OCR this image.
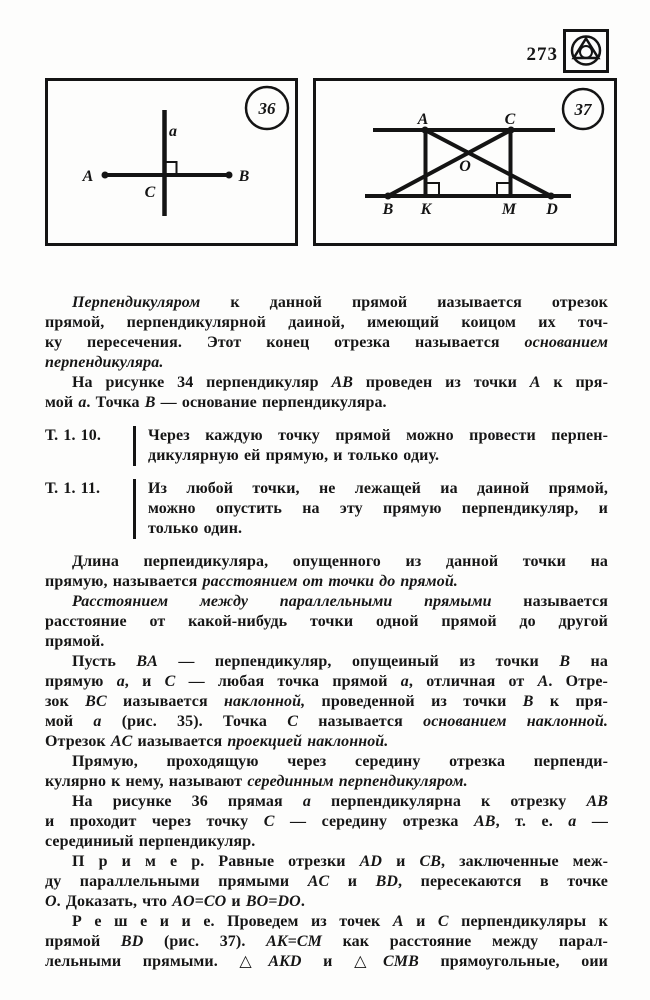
273
36
a
A	B
C
37
A	C
O
B K	M D
Перпендикуляром к данной прямой иазывается отрезок
прямой, перпендикулярной даиной, имеющий коицом их точ-
ку пересечения. Этот конец отрезка называется основанием
перпендикуляра.
На рисунке 34 перпендикуляр AB проведен из точки A к пря-
мой a. Точка B — основание перпендикуляра.
Т. 1. 10.	Через каждую точку прямой можно провести перпен-
дикулярную ей прямую, и только одиу.
Т. 1. 11.	Из любой точки, не лежащей иа даиной прямой,
можно опустить на эту прямую перпендикуляр, и
только один.
Длина перпеидикуляра, опущенного из данной точки на
прямую, называется расстоянием от точки до прямой.
Расстоянием между параллельными прямыми называется
расстояние от какой-нибудь точки одной прямой до другой
прямой.
Пусть BA — перпендикуляр, опущеиный из точки B на
прямую a, и C — любая точка прямой a, отличная от A. Отре-
зок BC иазывается наклонной, проведенной из точки B к пря-
мой a (рис. 35). Точка C называется основанием наклонной.
Отрезок AC иазывается проекцией наклонной.
Прямую, проходящую через середину отрезка перпенди-
кулярно к нему, называют серединным перпендикуляром.
На рисунке 36 прямая a перпендикулярна к отрезку AB
и проходит через точку C — середину отрезка AB, т. е. a —
серединиый перпендикуляр.
П р и м е р. Равные отрезки AD и CB, заключенные меж-
ду параллельными прямыми AC и BD, пересекаются в точке
O. Доказать, что AO=CO и BO=DO.
Р е ш е и и е. Проведем из точек A и C перпендикуляры к
прямой BD (рис. 37). AK=CM как расстояние между парал-
лельными прямыми. △AKD и △CMB прямоугольные, оии
